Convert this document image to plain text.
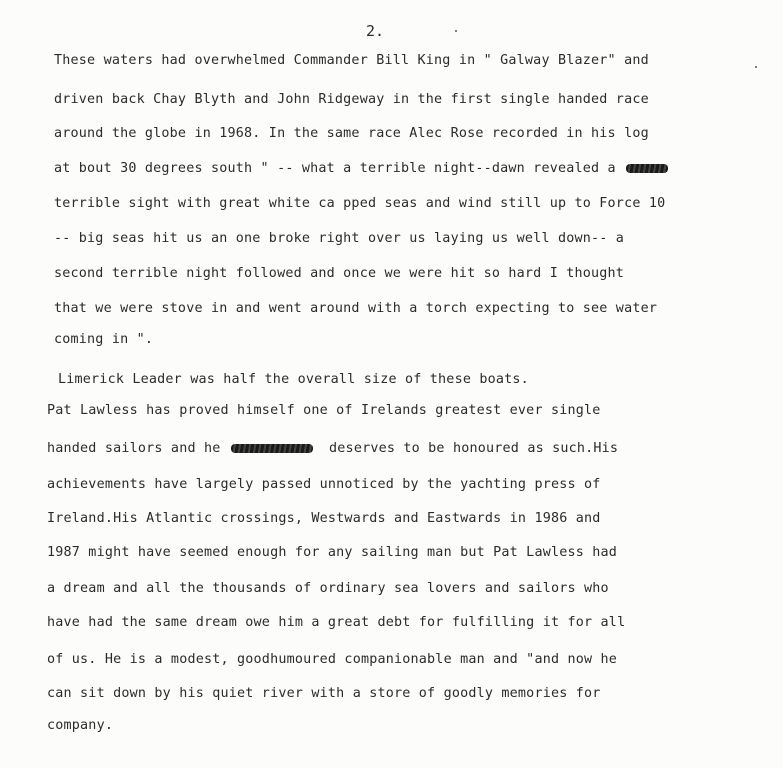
2.
These waters had overwhelmed Commander Bill King in " Galway Blazer" and
driven back Chay Blyth and John Ridgeway in the first single handed race
around the globe in 1968. In the same race Alec Rose recorded in his log
at bout 30 degrees south " -- what a terrible night--dawn revealed a
terrible sight with great white ca pped seas and wind still up to Force 10
-- big seas hit us an one broke right over us laying us well down-- a
second terrible night followed and once we were hit so hard I thought
that we were stove in and went around with a torch expecting to see water
coming in ".
Limerick Leader was half the overall size of these boats.
Pat Lawless has proved himself one of Irelands greatest ever single
handed sailors and he	deserves to be honoured as such.His
achievements have largely passed unnoticed by the yachting press of
Ireland.His Atlantic crossings, Westwards and Eastwards in 1986 and
1987 might have seemed enough for any sailing man but Pat Lawless had
a dream and all the thousands of ordinary sea lovers and sailors who
have had the same dream owe him a great debt for fulfilling it for all
of us. He is a modest, goodhumoured companionable man and "and now he
can sit down by his quiet river with a store of goodly memories for
company.
